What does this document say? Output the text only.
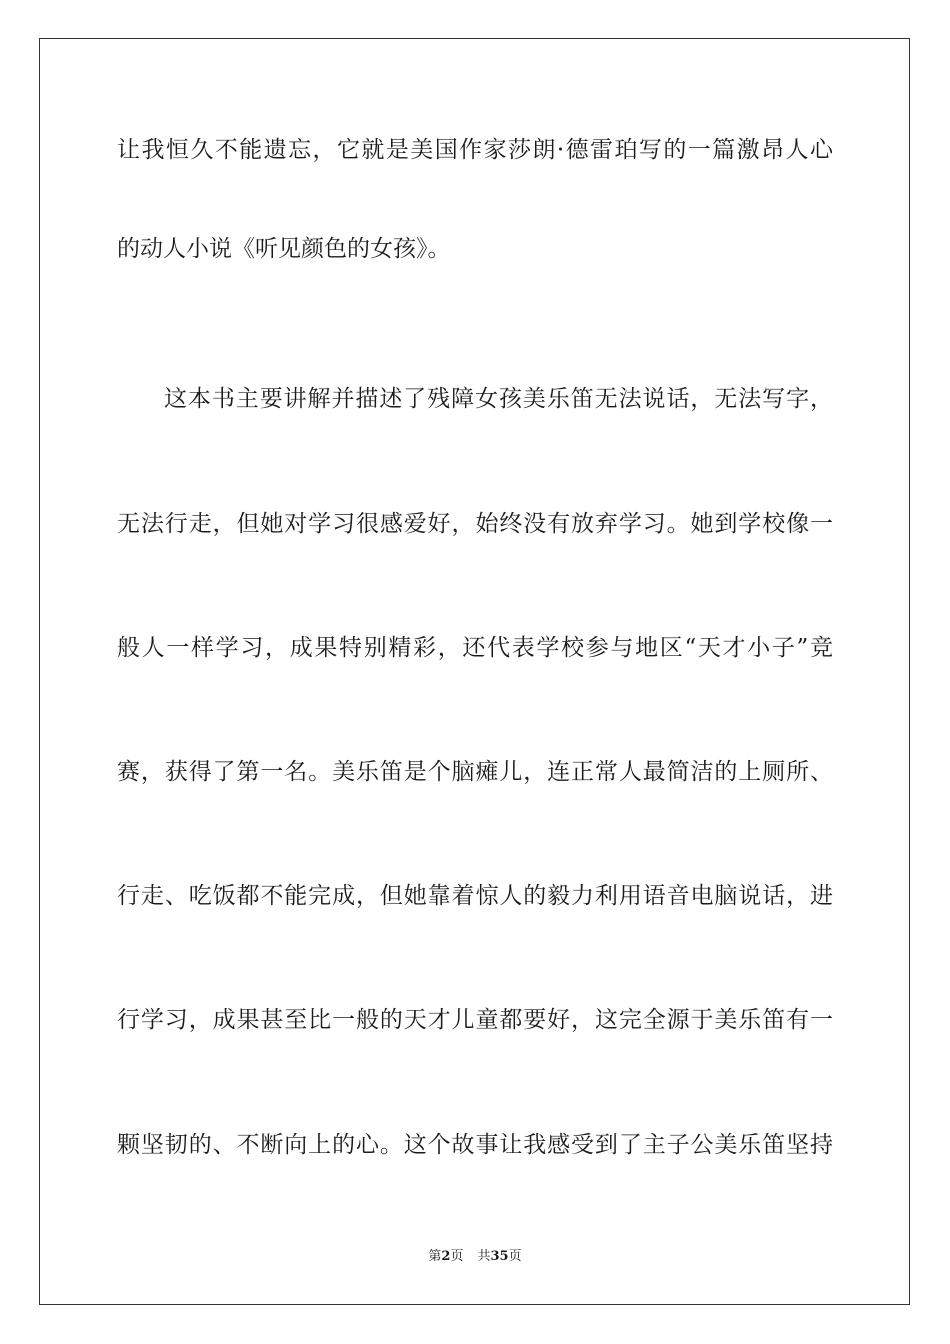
让我恒久不能遗忘，它就是美国作家莎朗·德雷珀写的一篇激昂人心
的动人小说《听见颜色的女孩》。
这本书主要讲解并描述了残障女孩美乐笛无法说话，无法写字，
无法行走，但她对学习很感爱好，始终没有放弃学习。她到学校像一
般人一样学习，成果特别精彩，还代表学校参与地区“天才小子”竞
赛，获得了第一名。美乐笛是个脑瘫儿，连正常人最简洁的上厕所、
行走、吃饭都不能完成，但她靠着惊人的毅力利用语音电脑说话，进
行学习，成果甚至比一般的天才儿童都要好，这完全源于美乐笛有一
颗坚韧的、不断向上的心。这个故事让我感受到了主子公美乐笛坚持
第2页 共35页
